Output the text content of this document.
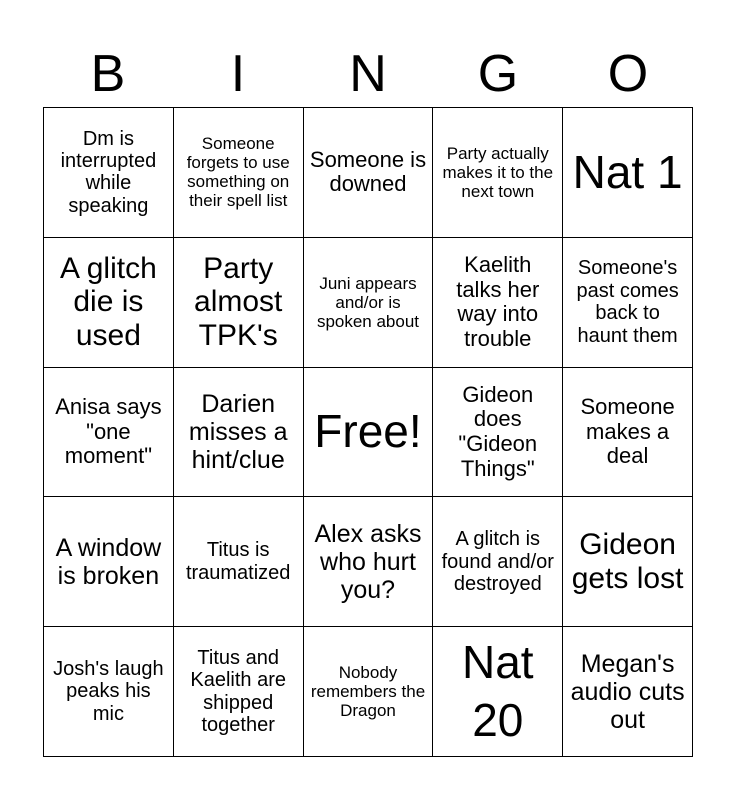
B	I	N	G	O
Dm is interrupted while speaking
Someone forgets to use something on their spell list
Someone is downed
Party actually makes it to the next town Nat 1
A glitch die is used
Party almost TPK's
Juni appears and/or is spoken about
Kaelith talks her way into trouble
Someone's past comes back to haunt them
Anisa says "one moment"
Darien misses a hint/clue
Free!
Gideon does "Gideon Things"
Someone makes a deal
A window is broken
Titus is traumatized
Alex asks who hurt you?
A glitch is found and/or destroyed
Gideon gets lost
Josh's laugh peaks his mic
Titus and Kaelith are shipped together
Nobody remembers the Dragon
Nat 20
Megan's audio cuts out
